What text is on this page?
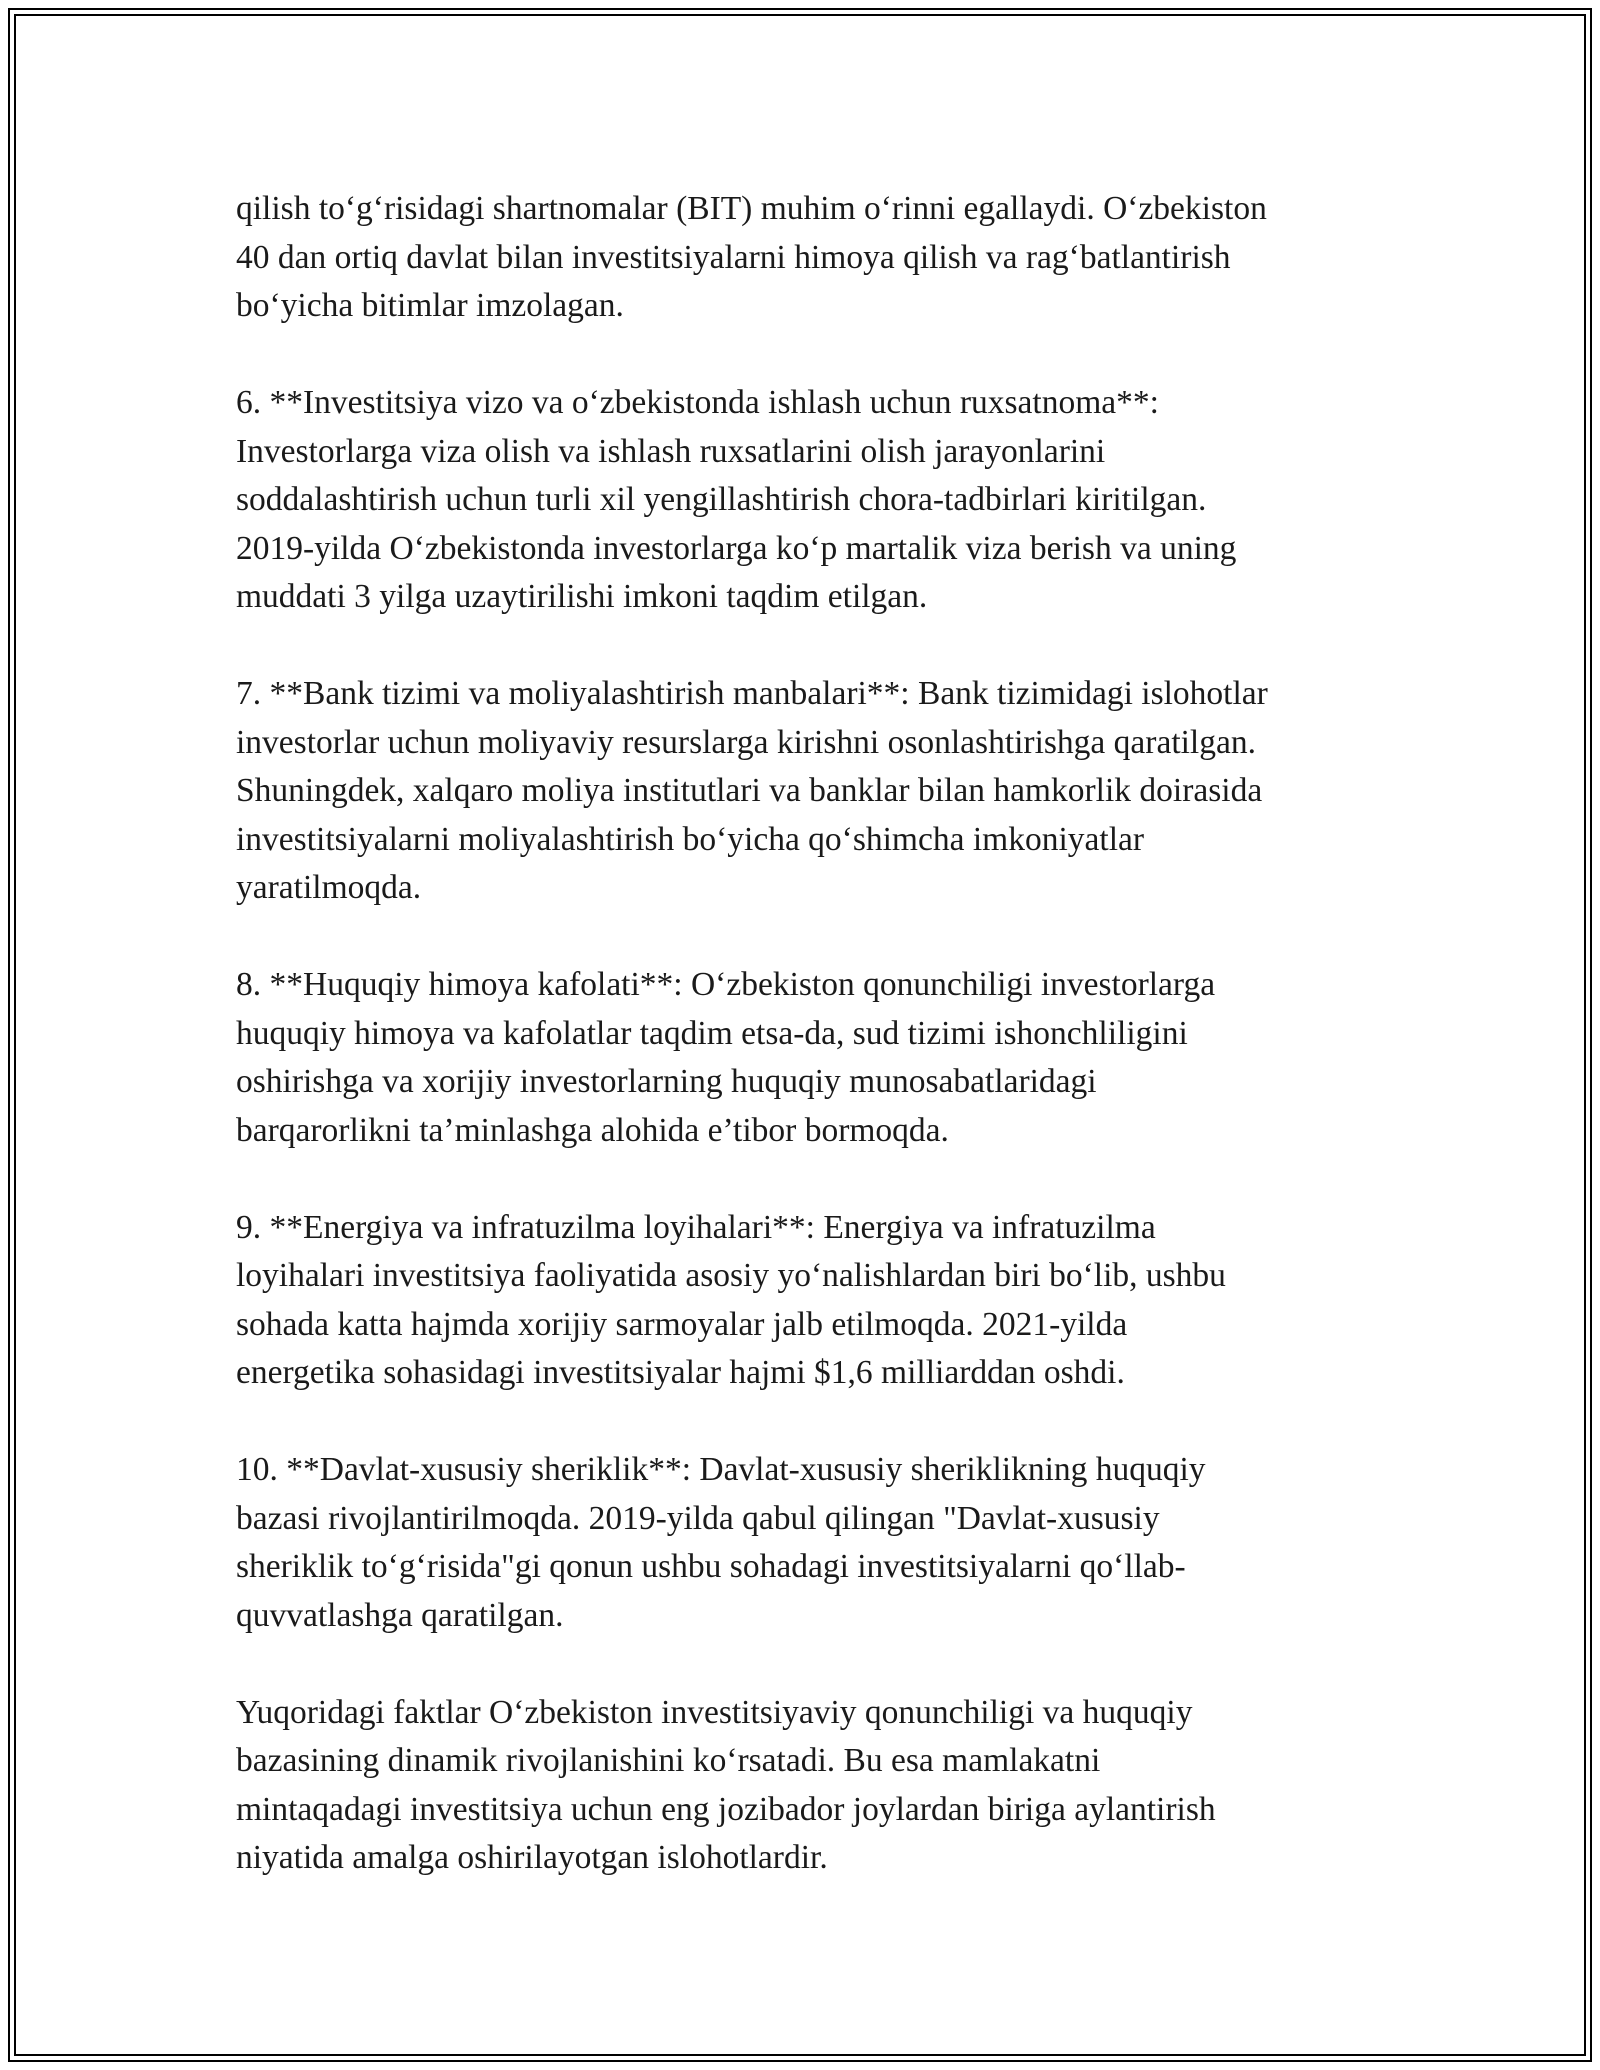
qilish to‘g‘risidagi shartnomalar (BIT) muhim o‘rinni egallaydi. O‘zbekiston
40 dan ortiq davlat bilan investitsiyalarni himoya qilish va rag‘batlantirish
bo‘yicha bitimlar imzolagan.

6. **Investitsiya vizo va o‘zbekistonda ishlash uchun ruxsatnoma**:
Investorlarga viza olish va ishlash ruxsatlarini olish jarayonlarini
soddalashtirish uchun turli xil yengillashtirish chora-tadbirlari kiritilgan.
2019-yilda O‘zbekistonda investorlarga ko‘p martalik viza berish va uning
muddati 3 yilga uzaytirilishi imkoni taqdim etilgan.

7. **Bank tizimi va moliyalashtirish manbalari**: Bank tizimidagi islohotlar
investorlar uchun moliyaviy resurslarga kirishni osonlashtirishga qaratilgan.
Shuningdek, xalqaro moliya institutlari va banklar bilan hamkorlik doirasida
investitsiyalarni moliyalashtirish bo‘yicha qo‘shimcha imkoniyatlar
yaratilmoqda.

8. **Huquqiy himoya kafolati**: O‘zbekiston qonunchiligi investorlarga
huquqiy himoya va kafolatlar taqdim etsa-da, sud tizimi ishonchliligini
oshirishga va xorijiy investorlarning huquqiy munosabatlaridagi
barqarorlikni ta’minlashga alohida e’tibor bormoqda.

9. **Energiya va infratuzilma loyihalari**: Energiya va infratuzilma
loyihalari investitsiya faoliyatida asosiy yo‘nalishlardan biri bo‘lib, ushbu
sohada katta hajmda xorijiy sarmoyalar jalb etilmoqda. 2021-yilda
energetika sohasidagi investitsiyalar hajmi $1,6 milliarddan oshdi.

10. **Davlat-xususiy sheriklik**: Davlat-xususiy sheriklikning huquqiy
bazasi rivojlantirilmoqda. 2019-yilda qabul qilingan "Davlat-xususiy
sheriklik to‘g‘risida"gi qonun ushbu sohadagi investitsiyalarni qo‘llab-
quvvatlashga qaratilgan.

Yuqoridagi faktlar O‘zbekiston investitsiyaviy qonunchiligi va huquqiy
bazasining dinamik rivojlanishini ko‘rsatadi. Bu esa mamlakatni
mintaqadagi investitsiya uchun eng jozibador joylardan biriga aylantirish
niyatida amalga oshirilayotgan islohotlardir.
